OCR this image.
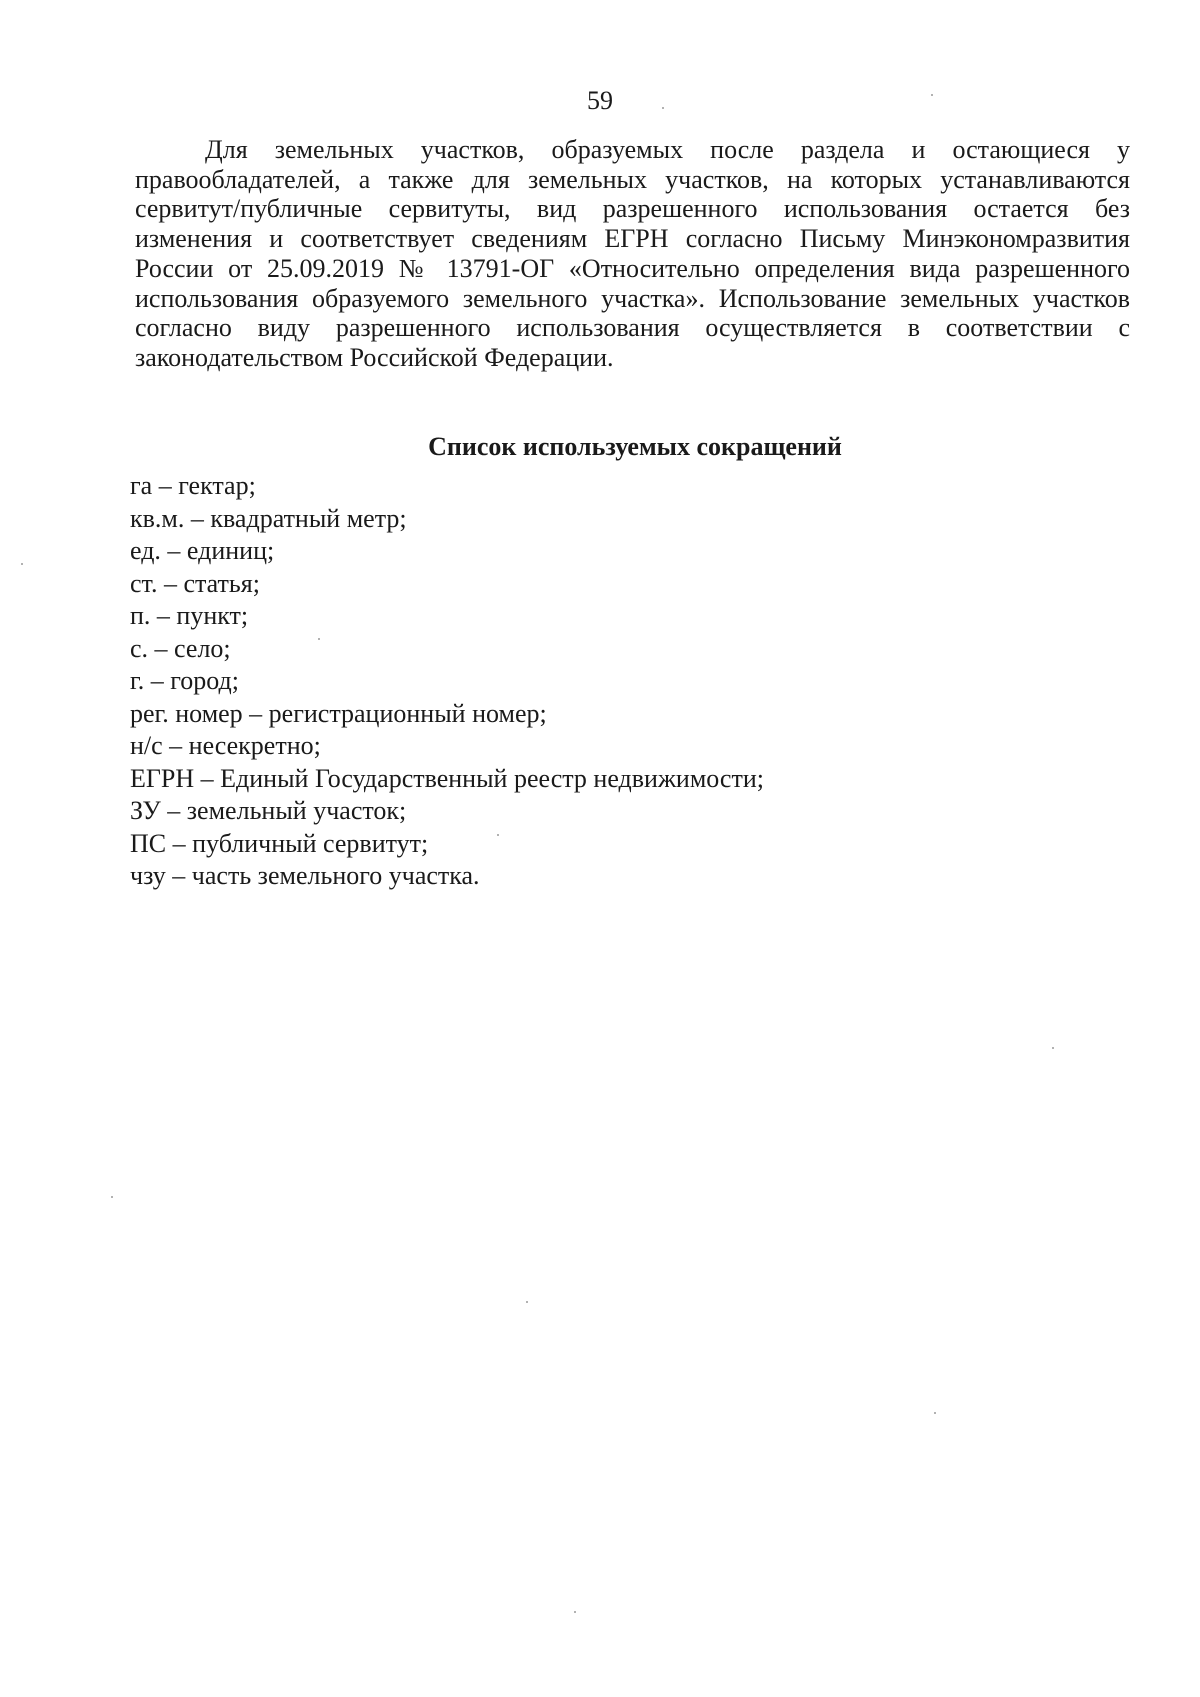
59

Для земельных участков, образуемых после раздела и остающиеся у правообладателей, а также для земельных участков, на которых устанавливаются сервитут/публичные сервитуты, вид разрешенного использования остается без изменения и соответствует сведениям ЕГРН согласно Письму Минэкономразвития России от 25.09.2019 № 13791-ОГ «Относительно определения вида разрешенного использования образуемого земельного участка». Использование земельных участков согласно виду разрешенного использования осуществляется в соответствии с законодательством Российской Федерации.

Список используемых сокращений
га – гектар;
кв.м. – квадратный метр;
ед. – единиц;
ст. – статья;
п. – пункт;
с. – село;
г. – город;
рег. номер – регистрационный номер;
н/с – несекретно;
ЕГРН – Единый Государственный реестр недвижимости;
ЗУ – земельный участок;
ПС – публичный сервитут;
чзу – часть земельного участка.
